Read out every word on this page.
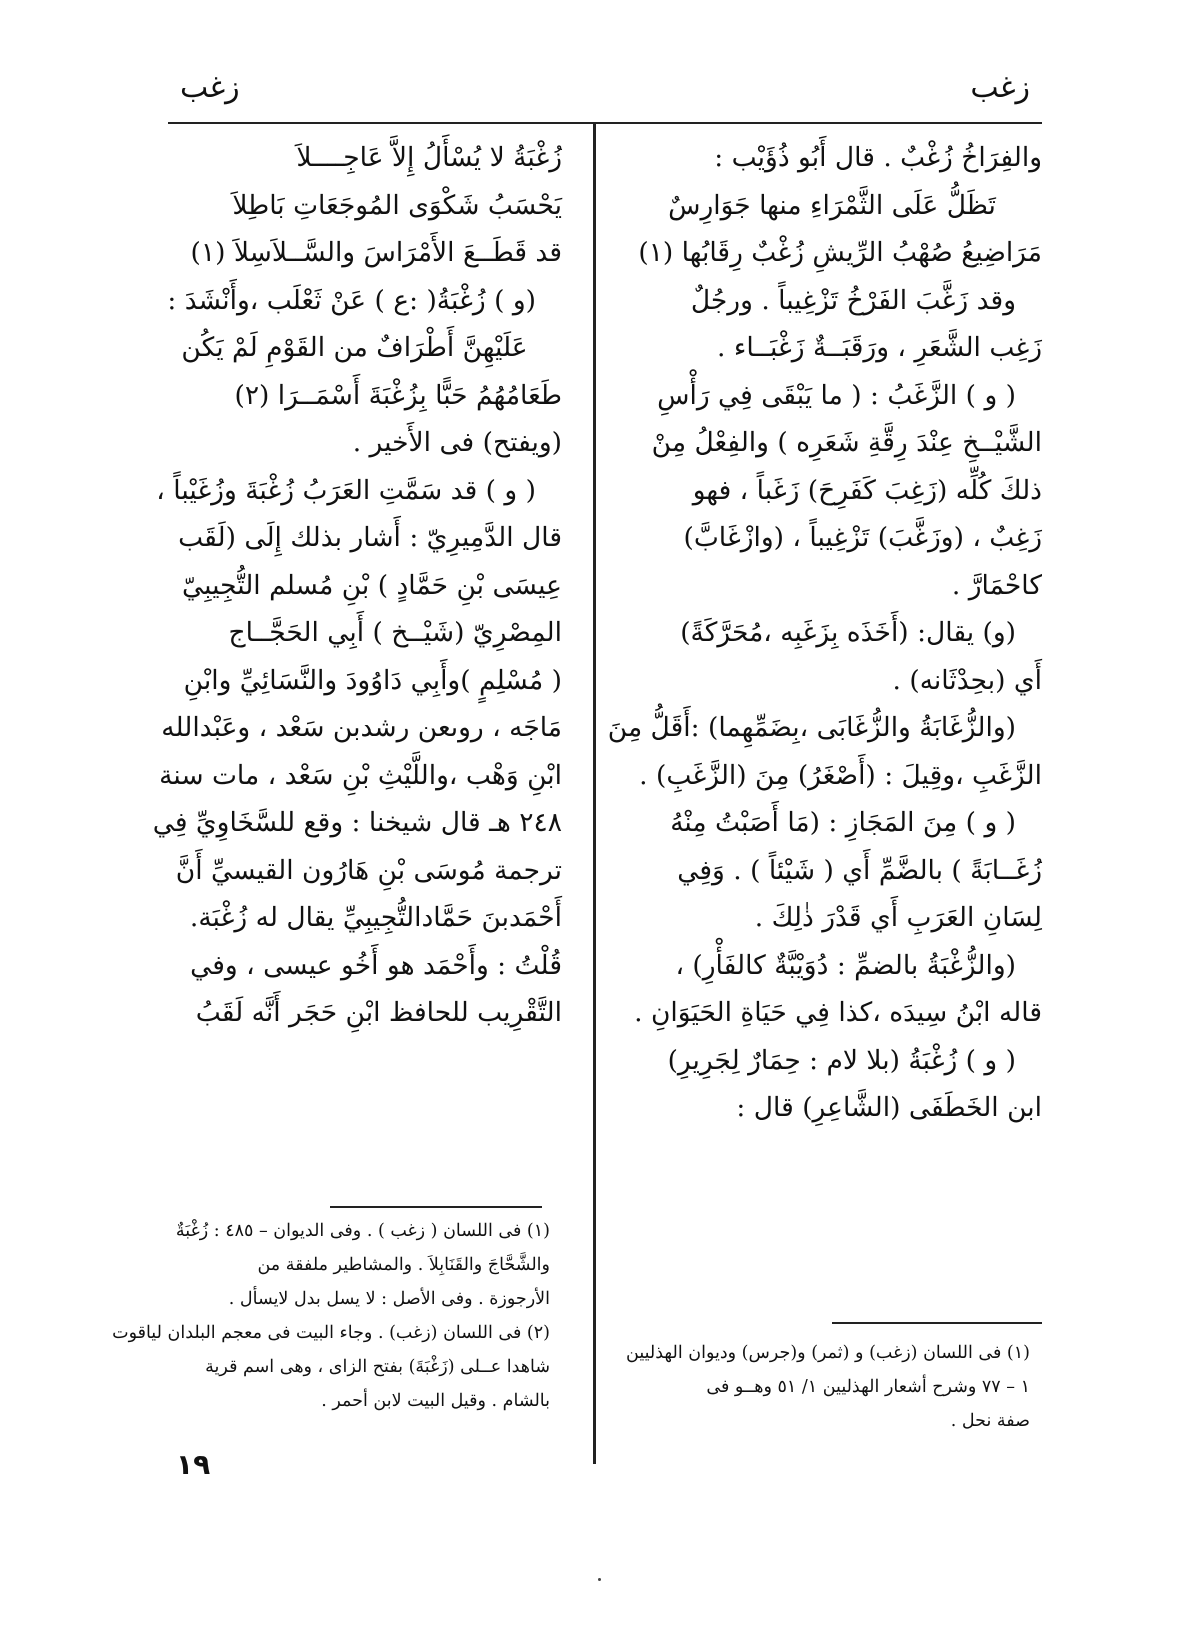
زغب
زغب
والفِرَاخُ زُغْبٌ . قال أَبُو ذُؤَيْب :
تَظَلُّ عَلَى الثَّمْرَاءِ منها جَوَارِسٌ
مَرَاضِيعُ صُهْبُ الرِّيشِ زُغْبٌ رِقَابُها (١)
وقد زَغَّبَ الفَرْخُ تَزْغِيباً . ورجُلٌ
زَغِب الشَّعَرِ ، ورَقَبَــةٌ زَغْبَــاء .
( و ) الزَّغَبُ : ( ما يَبْقَى فِي رَأْسِ
الشَّيْــخِ عِنْدَ رِقَّةِ شَعَرِه ) والفِعْلُ مِنْ
ذلكَ كُلِّه (زَغِبَ كَفَرِحَ) زَغَباً ، فهو
زَغِبٌ ، (وزَغَّبَ) تَزْغِيباً ، (وازْغَابَّ)
كاحْمَارَّ .
(و) يقال: (أَخَذَه بِزَغَبِه ،مُحَرَّكَةً)
أَي (بحِدْثَانه) .
(والزُّغَابَةُ والزُّغَابَى ،بِضَمِّهِما) :أَقَلُّ مِنَ
الزَّغَبِ ،وقِيلَ : (أَصْغَرُ) مِنَ (الزَّغَبِ) .
( و ) مِنَ المَجَازِ : (مَا أَصَبْتُ مِنْهُ
زُغَــابَةً ) بالضَّمِّ أَي ( شَيْئاً ) . وَفِي
لِسَانِ العَرَبِ أَي قَدْرَ ذٰلِكَ .
(والزُّغْبَةُ بالضمِّ : دُوَيْبَّةٌ كالفَأْرِ) ،
قاله ابْنُ سِيدَه ،كذا فِي حَيَاةِ الحَيَوَانِ .
( و ) زُغْبَةُ (بلا لام : حِمَارٌ لِجَرِيرِ)
ابن الخَطَفَى (الشَّاعِرِ) قال :
(١) فى اللسان (زغب) و (ثمر) و(جرس) وديوان الهذليين
١ – ٧٧ وشرح أشعار الهذليين ١/ ٥١ وهــو فى
صفة نحل .
زُغْبَةُ لا يُسْأَلُ إِلاَّ عَاجِــــلاَ
يَحْسَبُ شَكْوَى المُوجَعَاتِ بَاطِلاَ
قد قَطَــعَ الأَمْرَاسَ والسَّــلاَسِلاَ (١)
(و ) زُغْبَةُ( :ع ) عَنْ ثَعْلَب ،وأَنْشَدَ :
عَلَيْهِنَّ أَطْرَافٌ من القَوْمِ لَمْ يَكُن
طَعَامُهُمُ حَبًّا بِزُغْبَةَ أَسْمَــرَا (٢)
(ويفتح) فى الأَخير .
( و ) قد سَمَّتِ العَرَبُ زُغْبَةَ وزُغَيْباً ،
قال الدَّمِيرِيّ : أَشار بذلك إِلَى (لَقَب
عِيسَى بْنِ حَمَّادٍ ) بْنِ مُسلم التُّجِيبِيّ
المِصْرِيّ (شَيْــخ ) أَبِي الحَجَّــاج
( مُسْلِمٍ )وأَبِي دَاوُودَ والنَّسَائِيِّ وابْنِ
مَاجَه ، روىعن رشدبن سَعْد ، وعَبْدالله
ابْنِ وَهْب ،واللَّيْثِ بْنِ سَعْد ، مات سنة
٢٤٨ هـ قال شيخنا : وقع للسَّخَاوِيِّ فِي
ترجمة مُوسَى بْنِ هَارُون القيسيِّ أَنَّ
أَحْمَدبنَ حَمَّادالتُّجِيبِيِّ يقال له زُغْبَة.
قُلْتُ : وأَحْمَد هو أَخُو عيسى ، وفي
التَّقْرِيب للحافظ ابْنِ حَجَر أَنَّه لَقَبُ
(١) فى اللسان ( زغب ) . وفى الديوان – ٤٨٥ : زُغْبَةٌ
والشَّحَّاجَ والقَنَابِلاَ . والمشاطير ملفقة من
الأرجوزة . وفى الأصل : لا يسل بدل لايسأل .
(٢) فى اللسان (زغب) . وجاء البيت فى معجم البلدان لياقوت
شاهدا عــلى (زَغْبَةَ) بفتح الزاى ، وهى اسم قرية
بالشام . وقيل البيت لابن أحمر .
١٩
